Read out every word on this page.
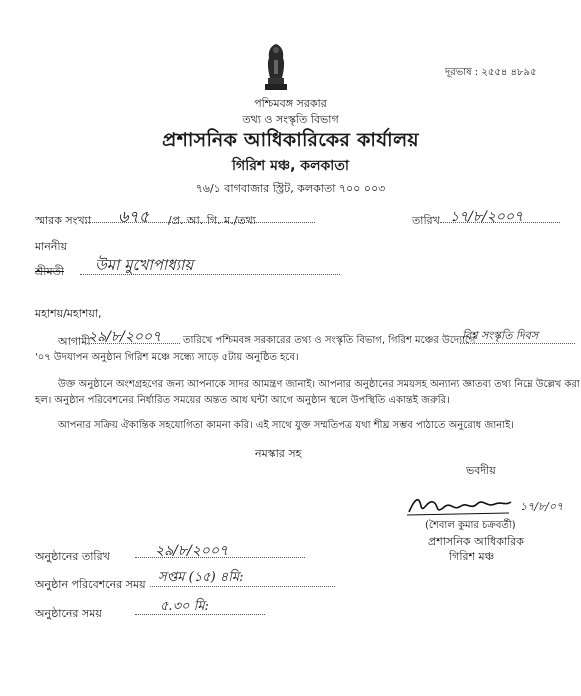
দূরভাষ : ২৫৫৪ ৪৮৯৫
পশ্চিমবঙ্গ সরকার
তথ্য ও সংস্কৃতি বিভাগ
প্রশাসনিক আধিকারিকের কার্যালয়
গিরিশ মঞ্চ, কলকাতা
৭৬/১ বাগবাজার স্ট্রিট, কলকাতা ৭০০ ০০৩
স্মারক সংখ্যা ৬৭৫ /প্র. আ. গি. ম./তথ্য	তারিখ ১৭/৮/২০০৭
মাননীয়
শ্রীমতী উমা মুখোপাধ্যায়
মহাশয়/মহাশয়া,
আগামী
২৯/৮/২০০৭ তারিখে পশ্চিমবঙ্গ সরকারের তথ্য ও সংস্কৃতি বিভাগ, গিরিশ মঞ্চের উদ্যোগে
বিশ্ব সংস্কৃতি দিবস
'০৭ উদযাপন অনুষ্ঠান গিরিশ মঞ্চে সন্ধ্যে সাড়ে ৫টায় অনুষ্ঠিত হবে।
উক্ত অনুষ্ঠানে অংশগ্রহণের জন্য আপনাকে সাদর আমন্ত্রণ জানাই। আপনার অনুষ্ঠানের সময়সহ অন্যান্য জ্ঞাতব্য তথ্য নিম্নে উল্লেখ করা
হল। অনুষ্ঠান পরিবেশনের নির্ধারিত সময়ের অন্তত আধ ঘন্টা আগে অনুষ্ঠান স্থলে উপস্থিতি একান্তই জরুরি।
আপনার সক্রিয় ঐকান্তিক সহযোগিতা কামনা করি। এই সাথে যুক্ত সম্মতিপত্র যথা শীঘ্র সম্ভব পাঠাতে অনুরোধ জানাই।
নমস্কার সহ
ভবদীয়
১৭/৮/০৭
(শৈবাল কুমার চক্রবর্তী)
প্রশাসনিক আধিকারিক
গিরিশ মঞ্চ
অনুষ্ঠানের তারিখ	২৯/৮/২০০৭
অনুষ্ঠান পরিবেশনের সময় সপ্তম (১৫) ৪মি:
অনুষ্ঠানের সময়	৫.৩০ মি:
